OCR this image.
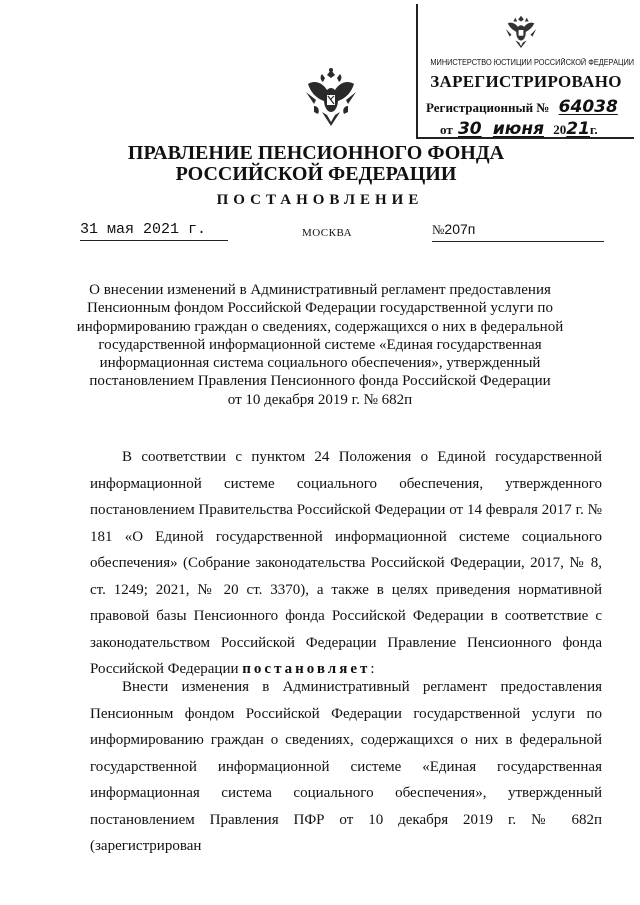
МИНИСТЕРСТВО ЮСТИЦИИ РОССИЙСКОЙ ФЕДЕРАЦИИ
ЗАРЕГИСТРИРОВАНО
Регистрационный № 64038
от 30 июня 2021г.
ПРАВЛЕНИЕ ПЕНСИОННОГО ФОНДА
РОССИЙСКОЙ ФЕДЕРАЦИИ
ПОСТАНОВЛЕНИЕ
31 мая 2021 г.	МОСКВА	№207п
О внесении изменений в Административный регламент предоставления
Пенсионным фондом Российской Федерации государственной услуги по
информированию граждан о сведениях, содержащихся о них в федеральной
государственной информационной системе «Единая государственная
информационная система социального обеспечения», утвержденный
постановлением Правления Пенсионного фонда Российской Федерации
от 10 декабря 2019 г. № 682п
В соответствии с пунктом 24 Положения о Единой государственной информационной системе социального обеспечения, утвержденного постановлением Правительства Российской Федерации от 14 февраля 2017 г. № 181 «О Единой государственной информационной системе социального обеспечения» (Собрание законодательства Российской Федерации, 2017, № 8, ст. 1249; 2021, № 20 ст. 3370), а также в целях приведения нормативной правовой базы Пенсионного фонда Российской Федерации в соответствие с законодательством Российской Федерации Правление Пенсионного фонда Российской Федерации постановляет:
Внести изменения в Административный регламент предоставления Пенсионным фондом Российской Федерации государственной услуги по информированию граждан о сведениях, содержащихся о них в федеральной государственной информационной системе «Единая государственная информационная система социального обеспечения», утвержденный постановлением Правления ПФР от 10 декабря 2019 г. № 682п (зарегистрирован
